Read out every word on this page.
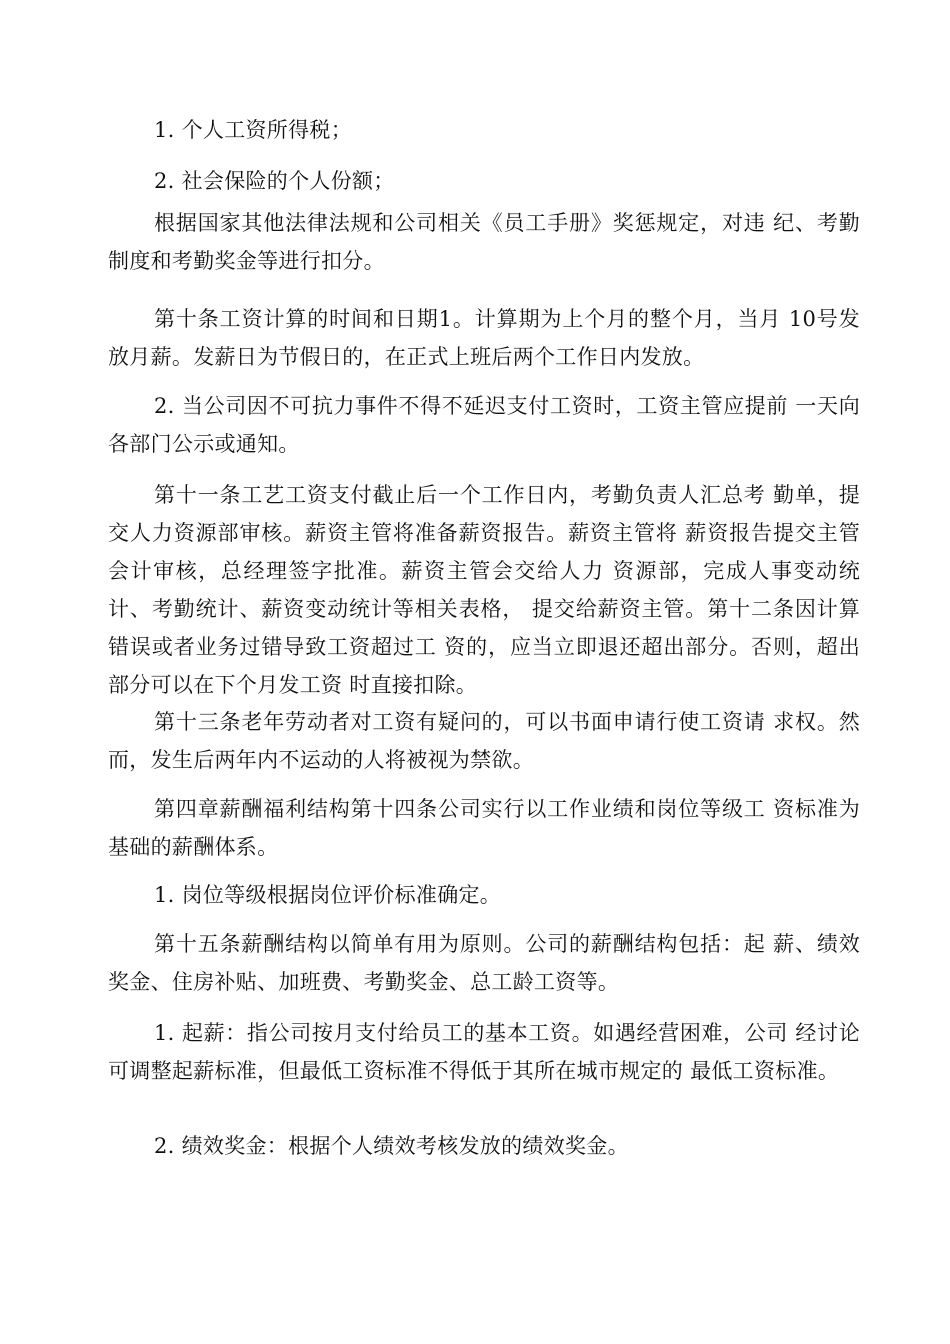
1. 个人工资所得税；

2. 社会保险的个人份额；

根据国家其他法律法规和公司相关《员工手册》奖惩规定，对违 纪、考勤制度和考勤奖金等进行扣分。

第十条工资计算的时间和日期1。计算期为上个月的整个月，当月 10号发放月薪。发薪日为节假日的，在正式上班后两个工作日内发放。

2. 当公司因不可抗力事件不得不延迟支付工资时，工资主管应提前 一天向各部门公示或通知。

第十一条工艺工资支付截止后一个工作日内，考勤负责人汇总考 勤单，提交人力资源部审核。薪资主管将准备薪资报告。薪资主管将 薪资报告提交主管会计审核，总经理签字批准。薪资主管会交给人力 资源部，完成人事变动统计、考勤统计、薪资变动统计等相关表格， 提交给薪资主管。第十二条因计算错误或者业务过错导致工资超过工 资的，应当立即退还超出部分。否则，超出部分可以在下个月发工资 时直接扣除。

第十三条老年劳动者对工资有疑问的，可以书面申请行使工资请 求权。然而，发生后两年内不运动的人将被视为禁欲。

第四章薪酬福利结构第十四条公司实行以工作业绩和岗位等级工 资标准为基础的薪酬体系。

1. 岗位等级根据岗位评价标准确定。

第十五条薪酬结构以简单有用为原则。公司的薪酬结构包括：起 薪、绩效奖金、住房补贴、加班费、考勤奖金、总工龄工资等。

1. 起薪：指公司按月支付给员工的基本工资。如遇经营困难，公司 经讨论可调整起薪标准，但最低工资标准不得低于其所在城市规定的 最低工资标准。

2. 绩效奖金：根据个人绩效考核发放的绩效奖金。
